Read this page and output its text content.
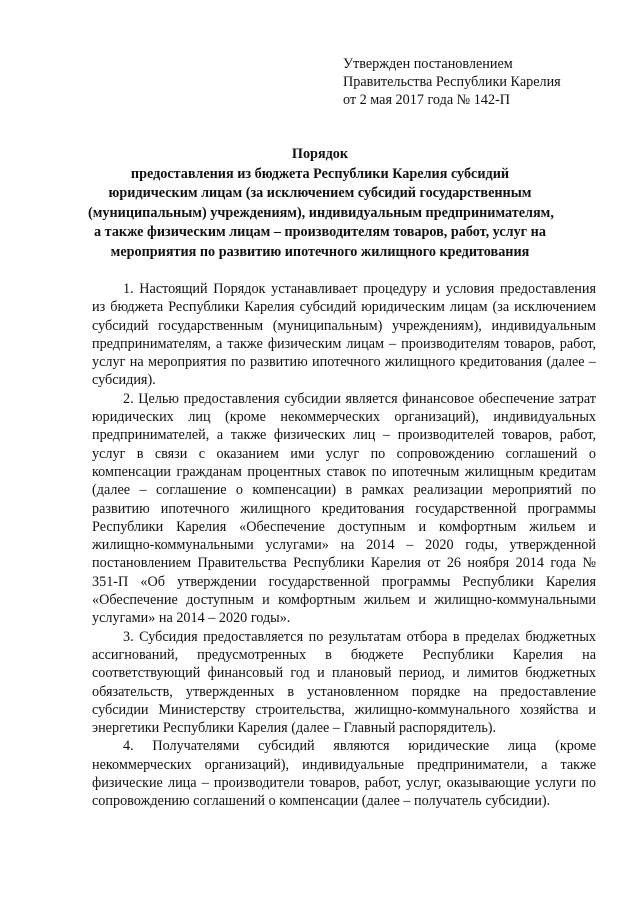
Утвержден постановлением
Правительства Республики Карелия
от 2 мая 2017 года № 142-П
Порядок
предоставления из бюджета Республики Карелия субсидий
юридическим лицам (за исключением субсидий государственным
(муниципальным) учреждениям), индивидуальным предпринимателям,
а также физическим лицам – производителям товаров, работ, услуг на
мероприятия по развитию ипотечного жилищного кредитования

1. Настоящий Порядок устанавливает процедуру и условия предоставления из бюджета Республики Карелия субсидий юридическим лицам (за исключением субсидий государственным (муниципальным) учреждениям), индивидуальным предпринимателям, а также физическим лицам – производителям товаров, работ, услуг на мероприятия по развитию ипотечного жилищного кредитования (далее – субсидия).

2. Целью предоставления субсидии является финансовое обеспечение затрат юридических лиц (кроме некоммерческих организаций), индивидуальных предпринимателей, а также физических лиц – производителей товаров, работ, услуг в связи с оказанием ими услуг по сопровождению соглашений о компенсации гражданам процентных ставок по ипотечным жилищным кредитам (далее – соглашение о компенсации) в рамках реализации мероприятий по развитию ипотечного жилищного кредитования государственной программы Республики Карелия «Обеспечение доступным и комфортным жильем и жилищно-коммунальными услугами» на 2014 – 2020 годы, утвержденной постановлением Правительства Республики Карелия от 26 ноября 2014 года № 351-П «Об утверждении государственной программы Республики Карелия «Обеспечение доступным и комфортным жильем и жилищно-коммунальными услугами» на 2014 – 2020 годы».

3. Субсидия предоставляется по результатам отбора в пределах бюджетных ассигнований, предусмотренных в бюджете Республики Карелия на соответствующий финансовый год и плановый период, и лимитов бюджетных обязательств, утвержденных в установленном порядке на предоставление субсидии Министерству строительства, жилищно-коммунального хозяйства и энергетики Республики Карелия (далее – Главный распорядитель).

4. Получателями субсидий являются юридические лица (кроме некоммерческих организаций), индивидуальные предприниматели, а также физические лица – производители товаров, работ, услуг, оказывающие услуги по сопровождению соглашений о компенсации (далее – получатель субсидии).
